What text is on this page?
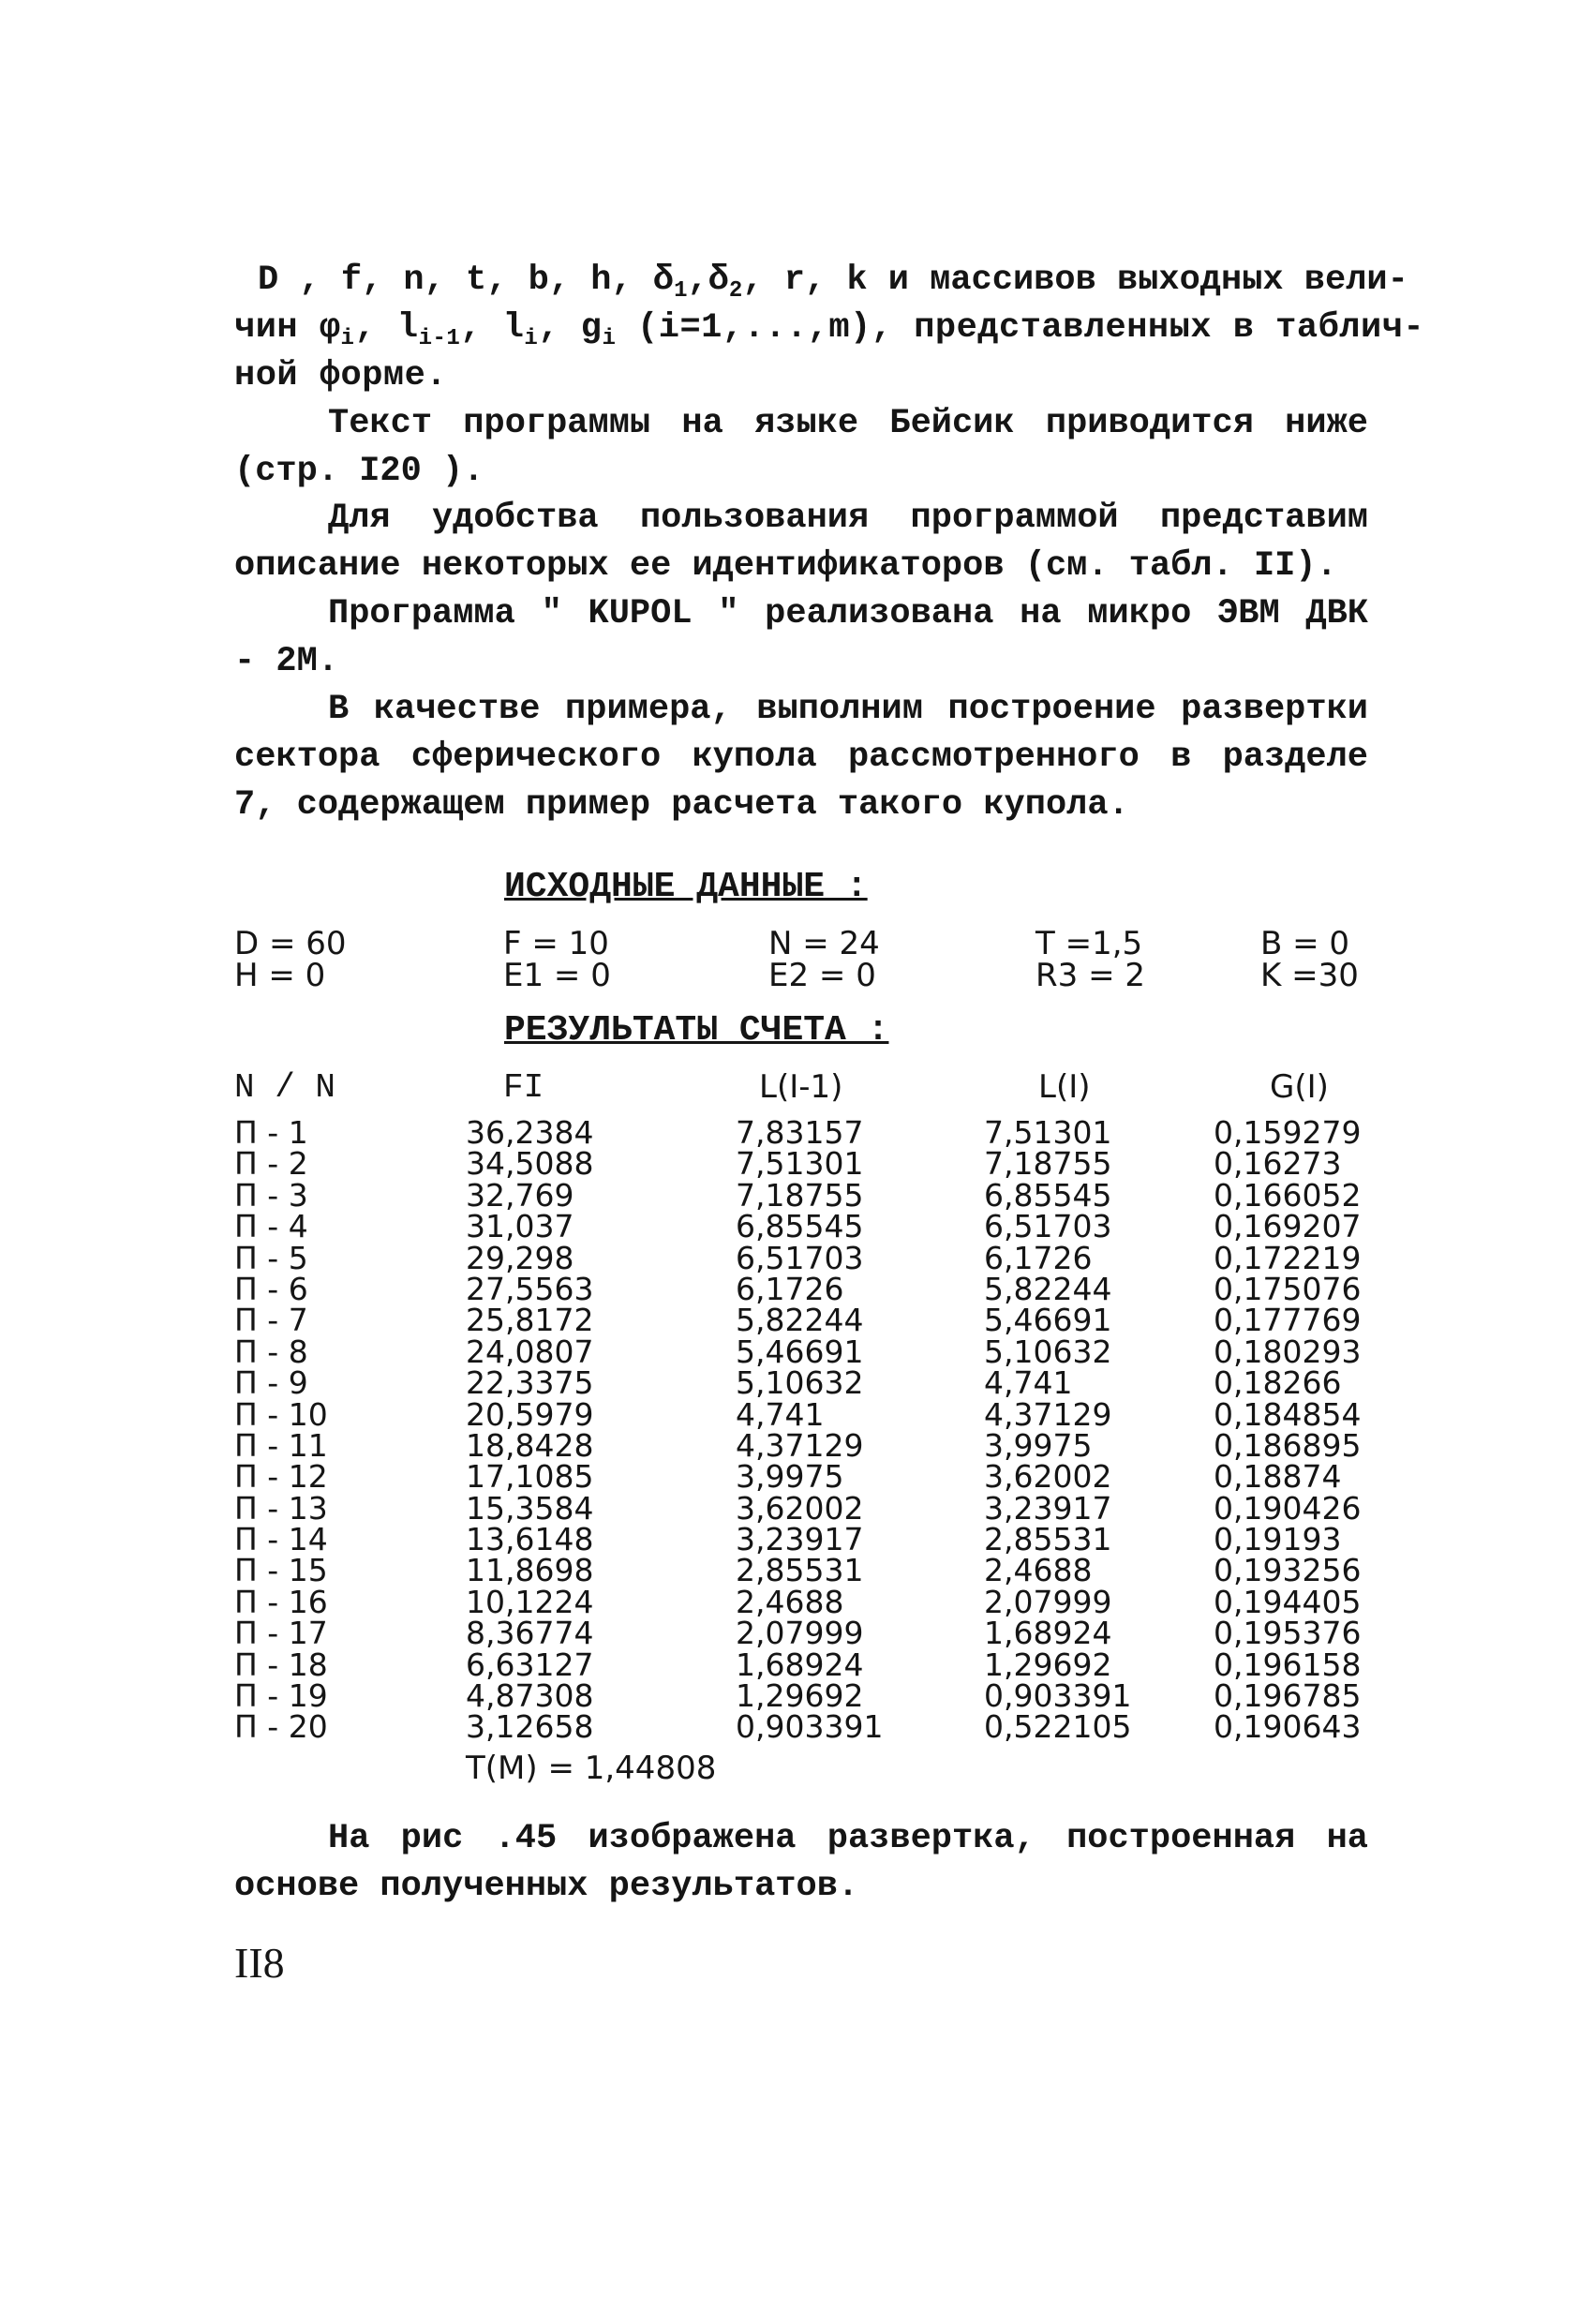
D , f, n, t, b, h, $\delta_1,\delta_2$, r, k и массивов выходных вели-
чин $\varphi_i$, $l_{i-1}$, $l_i$, $g_i$ (i=1,...,m), представленных в таблич-
ной форме.
Текст программы на языке Бейсик приводится ниже (стр. I20 ).
Для удобства пользования программой представим описание некоторых ее идентификаторов (см. табл. II).
Программа " KUPOL " реализована на микро ЭВМ ДВК - 2М.
В качестве примера, выполним построение развертки сектора сферического купола рассмотренного в разделе 7, содержащем пример расчета такого купола.
ИСХОДНЫЕ ДАННЫЕ :
D = 60	F = 10	N = 24	T =1,5	B = 0
H = 0	E1 = 0	E2 = 0	R3 = 2	K =30
РЕЗУЛЬТАТЫ СЧЕТА :
N / N	FI	L(I-1)	L(I)	G(I)
П - 1	36,2384	7,83157	7,51301	0,159279
П - 2	34,5088	7,51301	7,18755	0,16273
П - 3	32,769	7,18755	6,85545	0,166052
П - 4	31,037	6,85545	6,51703	0,169207
П - 5	29,298	6,51703	6,1726	0,172219
П - 6	27,5563	6,1726	5,82244	0,175076
П - 7	25,8172	5,82244	5,46691	0,177769
П - 8	24,0807	5,46691	5,10632	0,180293
П - 9	22,3375	5,10632	4,741	0,18266
П - 10	20,5979	4,741	4,37129	0,184854
П - 11	18,8428	4,37129	3,9975	0,186895
П - 12	17,1085	3,9975	3,62002	0,18874
П - 13	15,3584	3,62002	3,23917	0,190426
П - 14	13,6148	3,23917	2,85531	0,19193
П - 15	11,8698	2,85531	2,4688	0,193256
П - 16	10,1224	2,4688	2,07999	0,194405
П - 17	8,36774	2,07999	1,68924	0,195376
П - 18	6,63127	1,68924	1,29692	0,196158
П - 19	4,87308	1,29692	0,903391	0,196785
П - 20	3,12658	0,903391	0,522105	0,190643
T(M) = 1,44808
На рис .45 изображена развертка, построенная на основе полученных результатов.
II8
